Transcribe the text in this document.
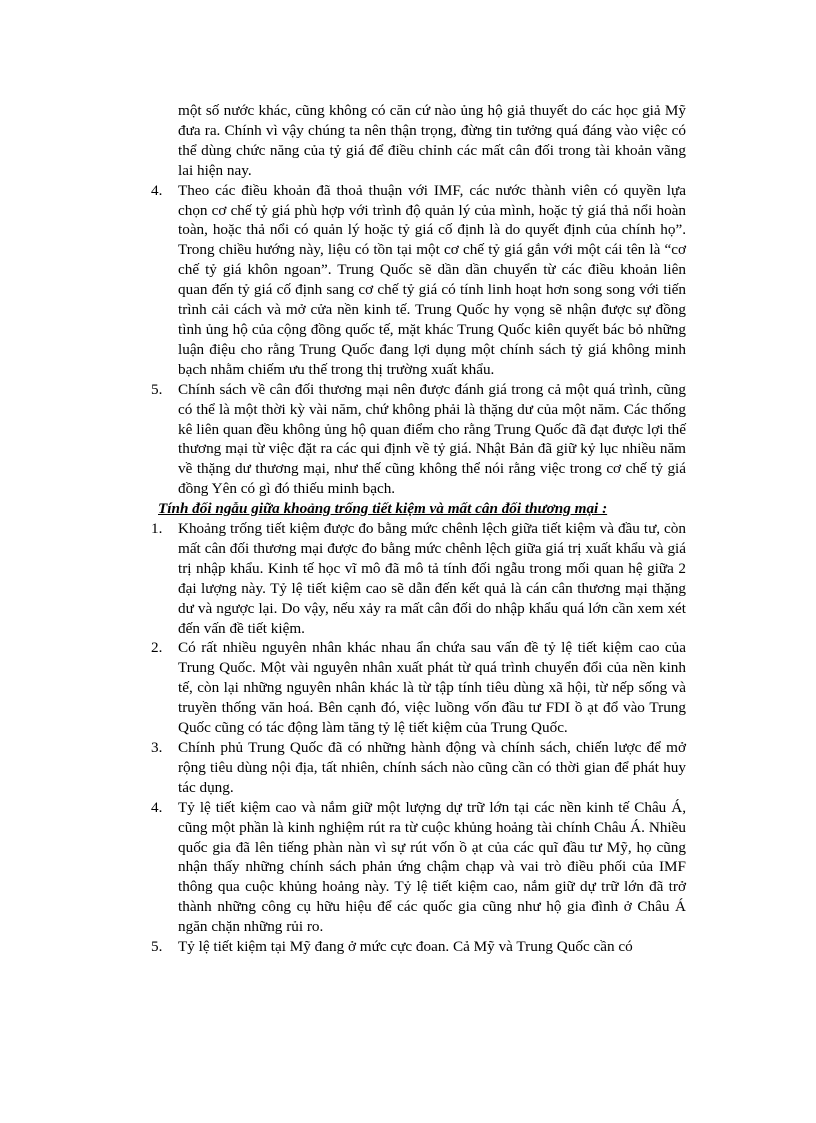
một số nước khác, cũng không có căn cứ nào ủng hộ giả thuyết do các học giả Mỹ đưa ra. Chính vì vậy chúng ta nên thận trọng, đừng tin tưởng quá đáng vào việc có thể dùng chức năng của tỷ giá để điều chỉnh các mất cân đối trong tài khoản vãng lai hiện nay.

4.	Theo các điều khoản đã thoả thuận với IMF, các nước thành viên có quyền lựa chọn cơ chế tỷ giá phù hợp với trình độ quản lý của mình, hoặc tỷ giá thả nổi hoàn toàn, hoặc thả nổi có quản lý hoặc tỷ giá cố định là do quyết định của chính họ”. Trong chiều hướng này, liệu có tồn tại một cơ chế tỷ giá gắn với một cái tên là “cơ chế tỷ giá khôn ngoan”. Trung Quốc sẽ dần dần chuyển từ các điều khoản liên quan đến tỷ giá cố định sang cơ chế tỷ giá có tính linh hoạt hơn song song với tiến trình cải cách và mở cửa nền kinh tế. Trung Quốc hy vọng sẽ nhận được sự đồng tình ủng hộ của cộng đồng quốc tế, mặt khác Trung Quốc kiên quyết bác bỏ những luận điệu cho rằng Trung Quốc đang lợi dụng một chính sách tỷ giá không minh bạch nhằm chiếm ưu thế trong thị trường xuất khẩu.
5.	Chính sách về cân đối thương mại nên được đánh giá trong cả một quá trình, cũng có thể là một thời kỳ vài năm, chứ không phải là thặng dư của một năm. Các thống kê liên quan đều không ủng hộ quan điểm cho rằng Trung Quốc đã đạt được lợi thế thương mại từ việc đặt ra các qui định về tỷ giá. Nhật Bản đã giữ kỷ lục nhiều năm về thặng dư thương mại, như thế cũng không thể nói rằng việc trong cơ chế tỷ giá đồng Yên có gì đó thiếu minh bạch.

Tính đối ngẫu giữa khoảng trống tiết kiệm và mất cân đối thương mại :

1.	Khoảng trống tiết kiệm được đo bằng mức chênh lệch giữa tiết kiệm và đầu tư, còn mất cân đối thương mại được đo bằng mức chênh lệch giữa giá trị xuất khẩu và giá trị nhập khẩu. Kinh tế học vĩ mô đã mô tả tính đối ngẫu trong mối quan hệ giữa 2 đại lượng này. Tỷ lệ tiết kiệm cao sẽ dẫn đến kết quả là cán cân thương mại thặng dư và ngược lại. Do vậy, nếu xảy ra mất cân đối do nhập khẩu quá lớn cần xem xét đến vấn đề tiết kiệm.
2.	Có rất nhiều nguyên nhân khác nhau ẩn chứa sau vấn đề tỷ lệ tiết kiệm cao của Trung Quốc. Một vài nguyên nhân xuất phát từ quá trình chuyển đổi của nền kinh tế, còn lại những nguyên nhân khác là từ tập tính tiêu dùng xã hội, từ nếp sống và truyền thống văn hoá. Bên cạnh đó, việc luồng vốn đầu tư FDI ồ ạt đổ vào Trung Quốc cũng có tác động làm tăng tỷ lệ tiết kiệm của Trung Quốc.
3.	Chính phủ Trung Quốc đã có những hành động và chính sách, chiến lược để mở rộng tiêu dùng nội địa, tất nhiên, chính sách nào cũng cần có thời gian để phát huy tác dụng.
4.	Tỷ lệ tiết kiệm cao và nắm giữ một lượng dự trữ lớn tại các nền kinh tế Châu Á, cũng một phần là kinh nghiệm rút ra từ cuộc khủng hoảng tài chính Châu Á. Nhiều quốc gia đã lên tiếng phàn nàn vì sự rút vốn ồ ạt của các quĩ đầu tư Mỹ, họ cũng nhận thấy những chính sách phản ứng chậm chạp và vai trò điều phối của IMF thông qua cuộc khủng hoảng này. Tỷ lệ tiết kiệm cao, nắm giữ dự trữ lớn đã trở thành những công cụ hữu hiệu để các quốc gia cũng như hộ gia đình ở Châu Á ngăn chặn những rủi ro.
5.	Tỷ lệ tiết kiệm tại Mỹ đang ở mức cực đoan. Cả Mỹ và Trung Quốc cần có
